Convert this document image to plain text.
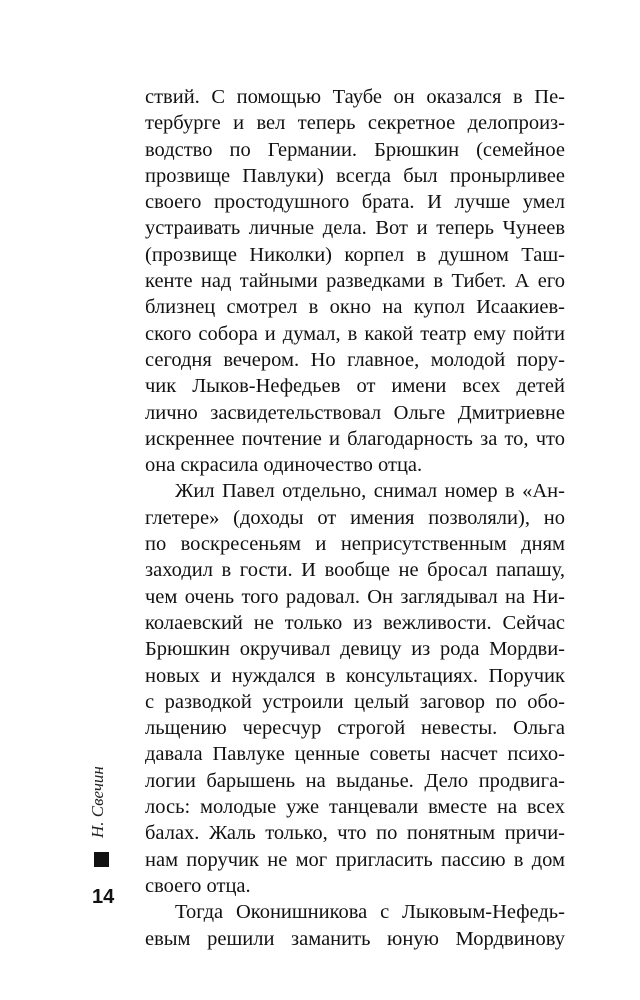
ствий. С помощью Таубе он оказался в Пе-
тербурге и вел теперь секретное делопроиз-
водство по Германии. Брюшкин (семейное
прозвище Павлуки) всегда был пронырливее
своего простодушного брата. И лучше умел
устраивать личные дела. Вот и теперь Чунеев
(прозвище Николки) корпел в душном Таш-
кенте над тайными разведками в Тибет. А его
близнец смотрел в окно на купол Исаакиев-
ского собора и думал, в какой театр ему пойти
сегодня вечером. Но главное, молодой пору-
чик Лыков-Нефедьев от имени всех детей
лично засвидетельствовал Ольге Дмитриевне
искреннее почтение и благодарность за то, что
она скрасила одиночество отца.
Жил Павел отдельно, снимал номер в «Ан-
глетере» (доходы от имения позволяли), но
по воскресеньям и неприсутственным дням
заходил в гости. И вообще не бросал папашу,
чем очень того радовал. Он заглядывал на Ни-
колаевский не только из вежливости. Сейчас
Брюшкин окручивал девицу из рода Мордви-
новых и нуждался в консультациях. Поручик
с разводкой устроили целый заговор по обо-
льщению чересчур строгой невесты. Ольга
давала Павлуке ценные советы насчет психо-
логии барышень на выданье. Дело продвига-
лось: молодые уже танцевали вместе на всех
балах. Жаль только, что по понятным причи-
нам поручик не мог пригласить пассию в дом
своего отца.
Тогда Оконишникова с Лыковым-Нефедь-
евым решили заманить юную Мордвинову
Н. Свечин
14
